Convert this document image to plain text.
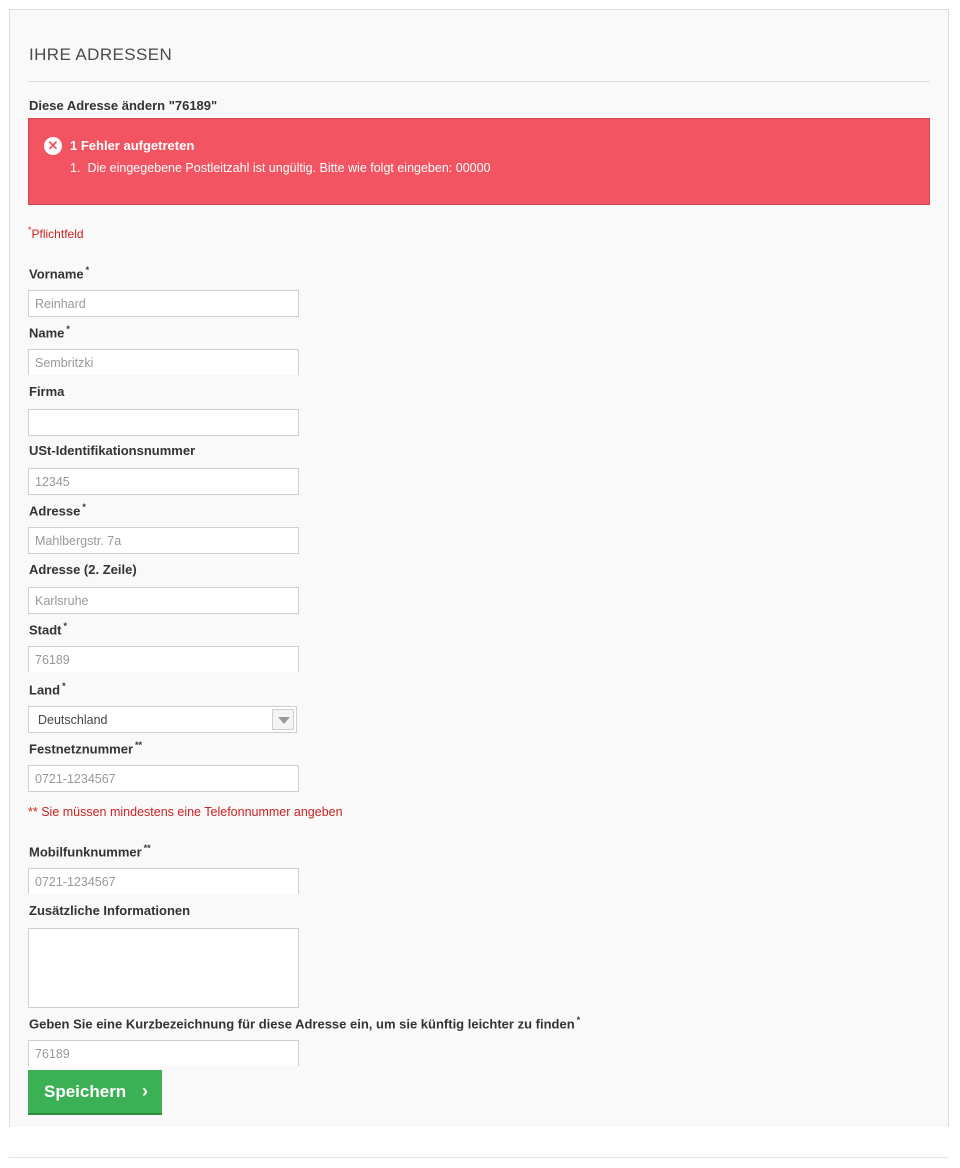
IHRE ADRESSEN
Diese Adresse ändern "76189"
✕ 1 Fehler aufgetreten
1. Die eingegebene Postleitzahl ist ungültig. Bitte wie folgt eingeben: 00000
*Pflichtfeld
Vorname *
Reinhard
Name *
Sembritzki
Firma
USt-Identifikationsnummer
12345
Adresse *
Mahlbergstr. 7a
Adresse (2. Zeile)
Karlsruhe
Stadt *
76189
Land *
Deutschland
Festnetznummer **
0721-1234567
** Sie müssen mindestens eine Telefonnummer angeben
Mobilfunknummer **
0721-1234567
Zusätzliche Informationen
Geben Sie eine Kurzbezeichnung für diese Adresse ein, um sie künftig leichter zu finden *
76189
Speichern ›
